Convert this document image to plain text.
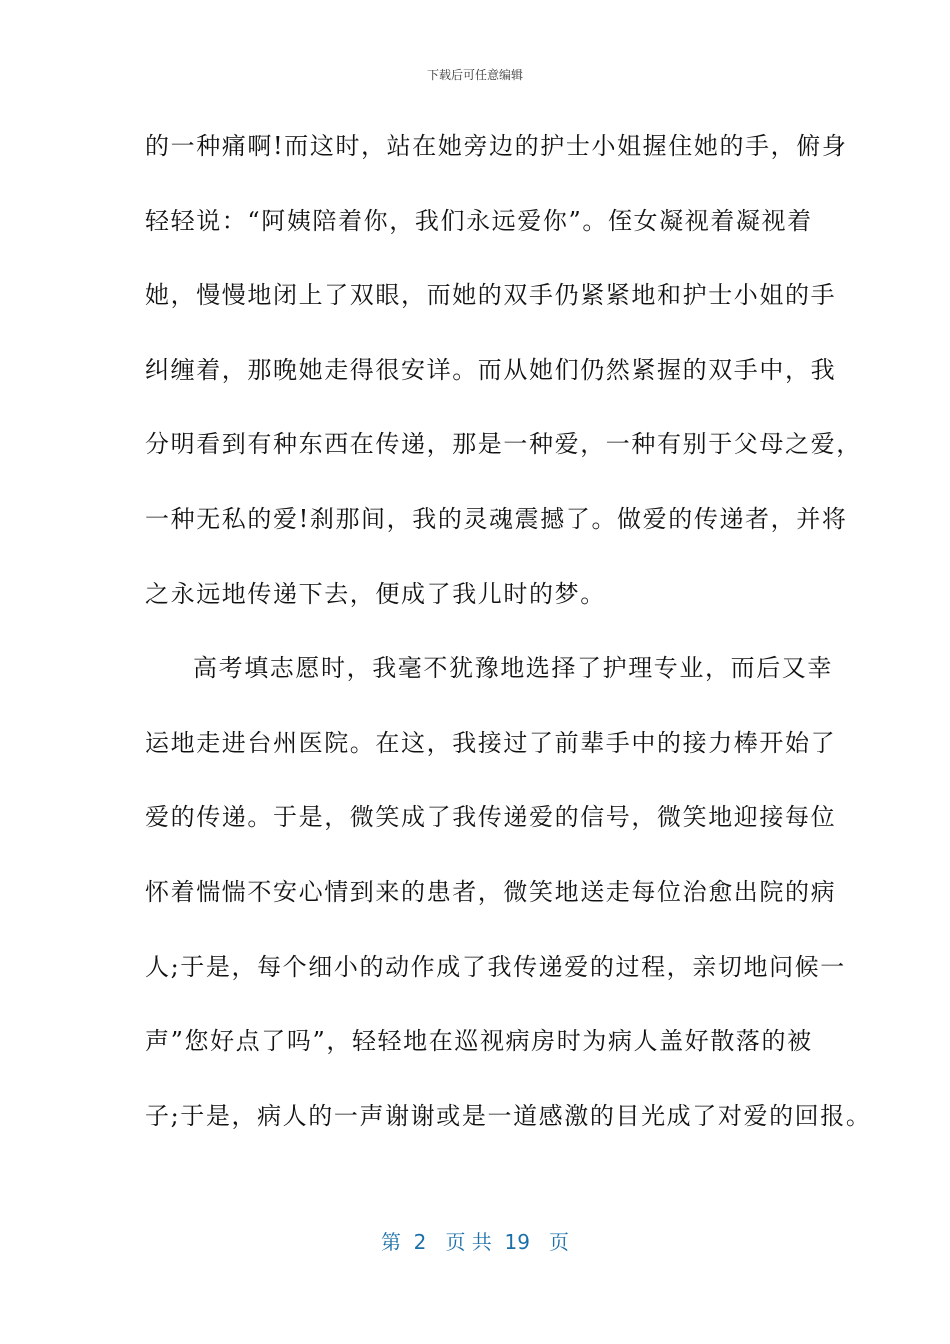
下载后可任意编辑
的一种痛啊!而这时，站在她旁边的护士小姐握住她的手，俯身
轻轻说：“阿姨陪着你，我们永远爱你”。侄女凝视着凝视着
她，慢慢地闭上了双眼，而她的双手仍紧紧地和护士小姐的手
纠缠着，那晚她走得很安详。而从她们仍然紧握的双手中，我
分明看到有种东西在传递，那是一种爱，一种有别于父母之爱，
一种无私的爱!刹那间，我的灵魂震撼了。做爱的传递者，并将
之永远地传递下去，便成了我儿时的梦。
高考填志愿时，我毫不犹豫地选择了护理专业，而后又幸
运地走进台州医院。在这，我接过了前辈手中的接力棒开始了
爱的传递。于是，微笑成了我传递爱的信号，微笑地迎接每位
怀着惴惴不安心情到来的患者，微笑地送走每位治愈出院的病
人;于是，每个细小的动作成了我传递爱的过程，亲切地问候一
声”您好点了吗”，轻轻地在巡视病房时为病人盖好散落的被
子;于是，病人的一声谢谢或是一道感激的目光成了对爱的回报。
第  2   页 共  19   页
